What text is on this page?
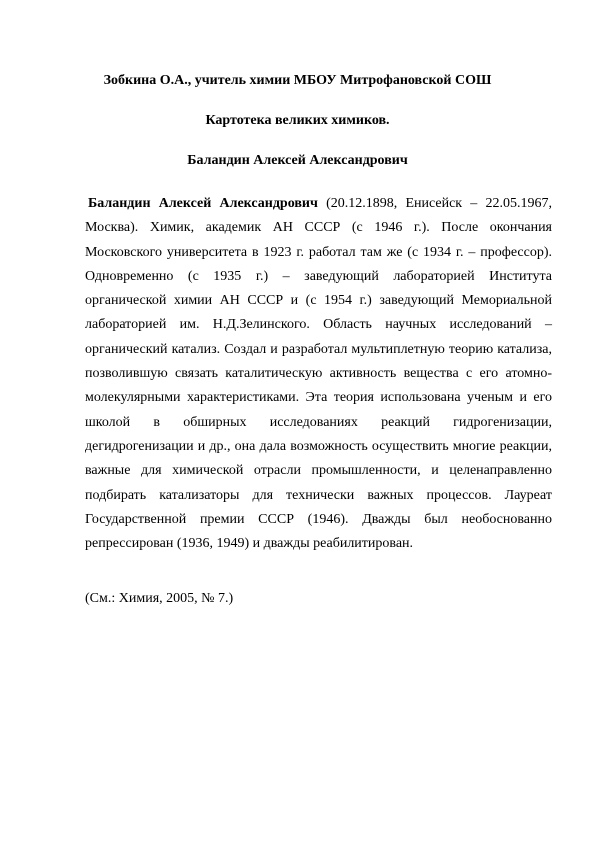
Зобкина О.А., учитель химии МБОУ Митрофановской СОШ
Картотека великих химиков.
Баландин Алексей Александрович

Баландин Алексей Александрович (20.12.1898, Енисейск – 22.05.1967, Москва). Химик, академик АН СССР (с 1946 г.). После окончания Московского университета в 1923 г. работал там же (с 1934 г. – профессор). Одновременно (с 1935 г.) – заведующий лабораторией Института органической химии АН СССР и (с 1954 г.) заведующий Мемориальной лабораторией им. Н.Д.Зелинского. Область научных исследований – органический катализ. Создал и разработал мультиплетную теорию катализа, позволившую связать каталитическую активность вещества с его атомно-молекулярными характеристиками. Эта теория использована ученым и его школой в обширных исследованиях реакций гидрогенизации, дегидрогенизации и др., она дала возможность осуществить многие реакции, важные для химической отрасли промышленности, и целенаправленно подбирать катализаторы для технически важных процессов. Лауреат Государственной премии СССР (1946). Дважды был необоснованно репрессирован (1936, 1949) и дважды реабилитирован.

(См.: Химия, 2005, № 7.)
